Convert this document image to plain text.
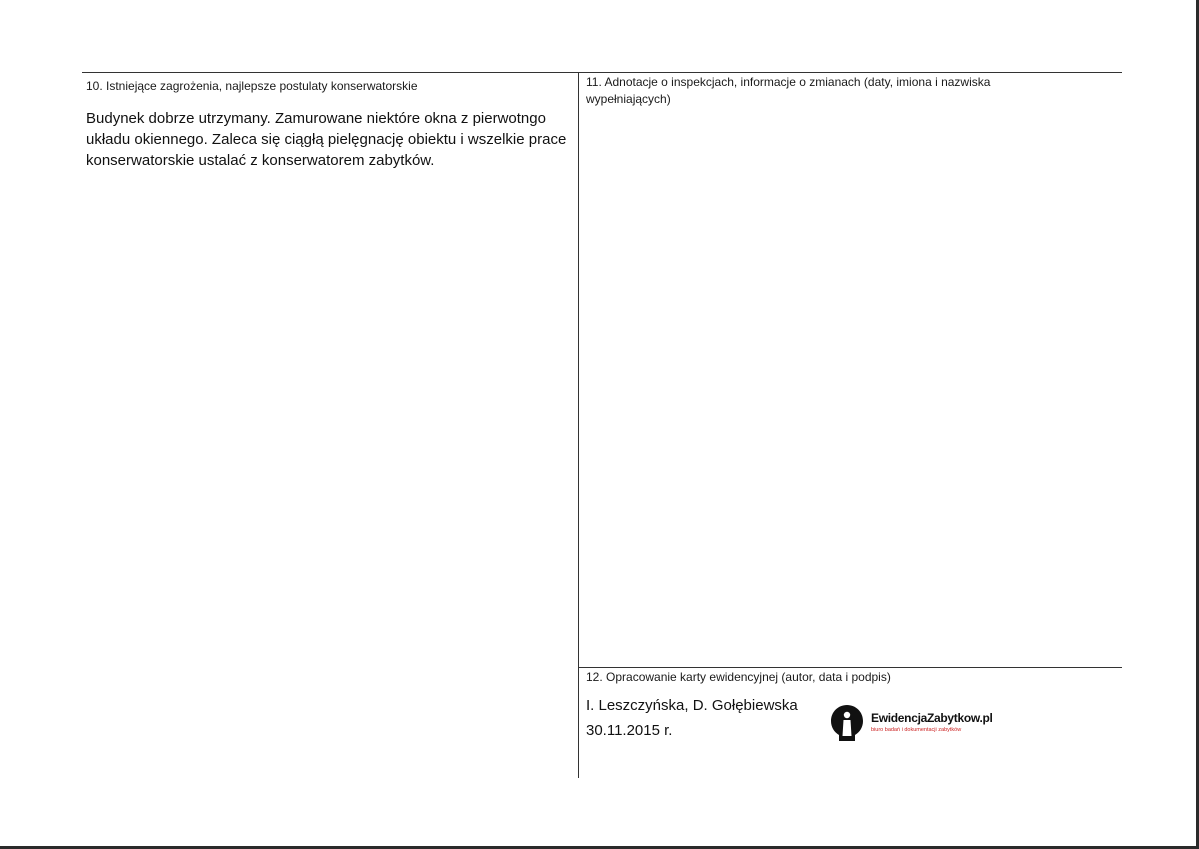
10. Istniejące zagrożenia, najlepsze postulaty konserwatorskie
Budynek dobrze utrzymany. Zamurowane niektóre okna z pierwotngo
układu okiennego. Zaleca się ciągłą pielęgnację obiektu i wszelkie prace
konserwatorskie ustalać z konserwatorem zabytków.
11. Adnotacje o inspekcjach, informacje o zmianach (daty, imiona i nazwiska
wypełniających)
12. Opracowanie karty ewidencyjnej (autor, data i podpis)
I. Leszczyńska, D. Gołębiewska
30.11.2015 r.
EwidencjaZabytkow.pl
biuro badań i dokumentacji zabytków
